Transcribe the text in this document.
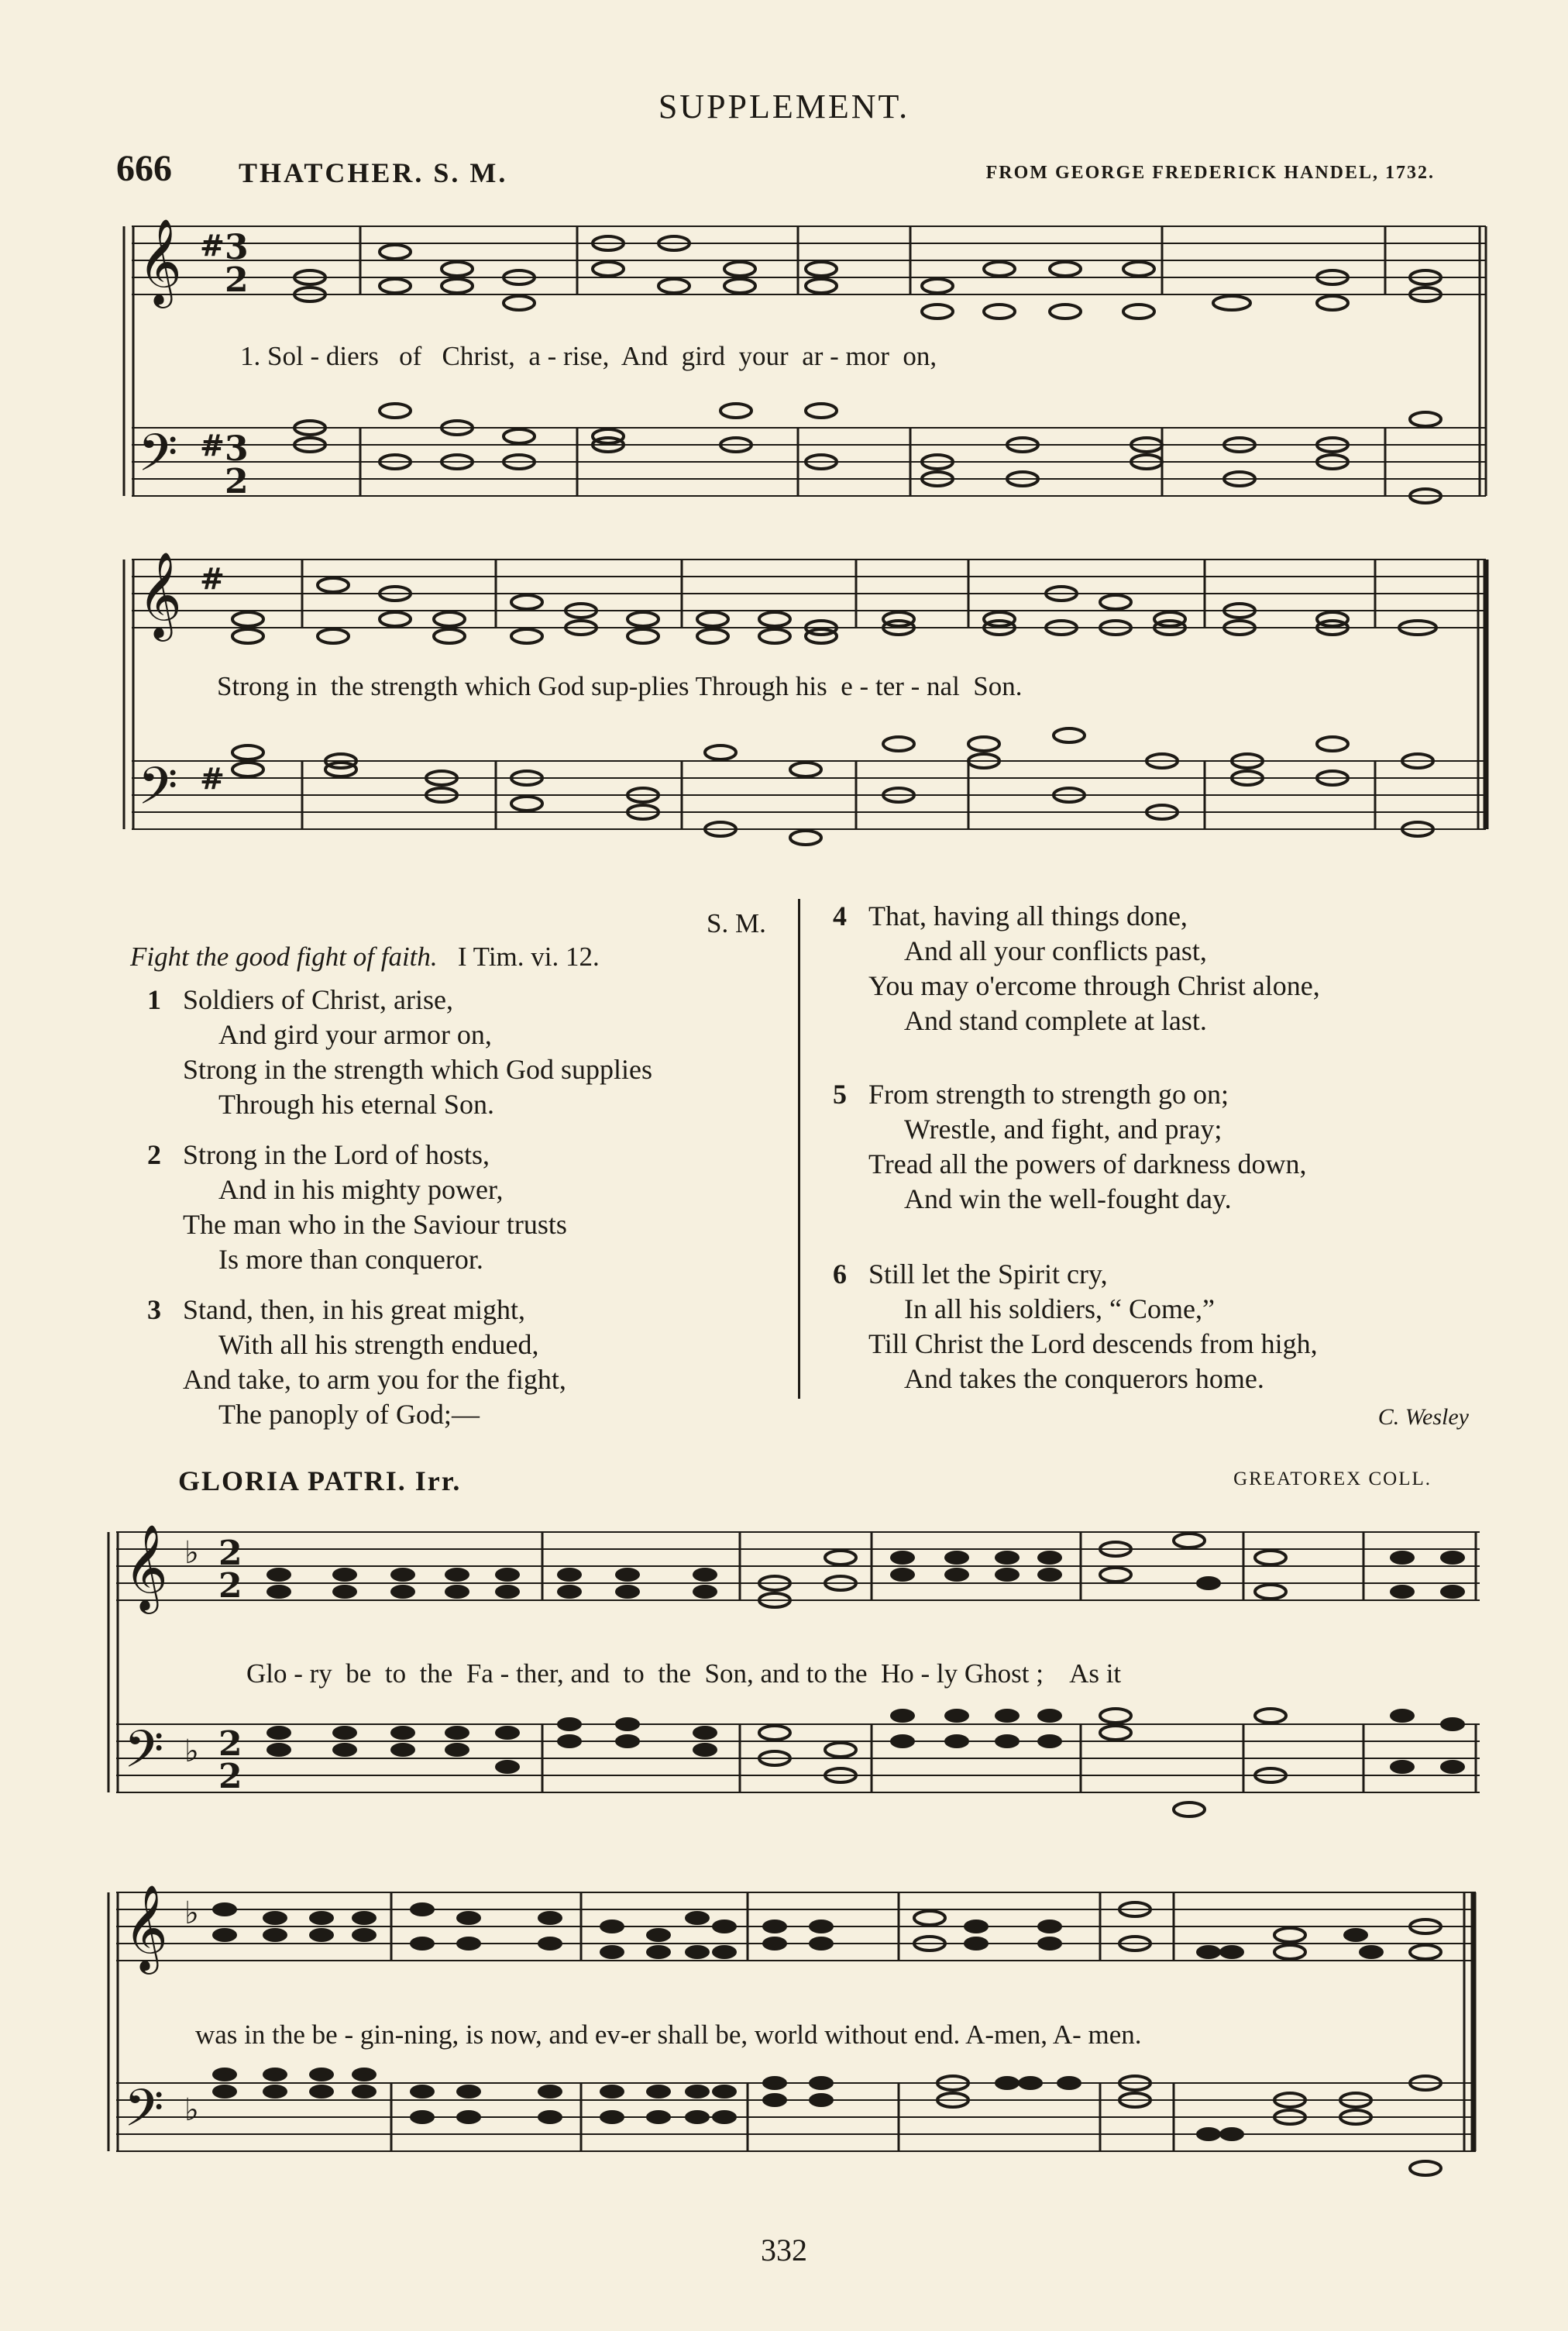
SUPPLEMENT.
666 THATCHER. S. M.	FROM GEORGE FREDERICK HANDEL, 1732.
𝄞
𝄢
#
#
3
2
3
2
1. Sol - diers   of   Christ,  a - rise,  And  gird  your  ar - mor  on,
𝄞
𝄢
#
#
Strong in  the strength which God sup-plies Through his  e - ter - nal  Son.
S. M.
Fight the good fight of faith. I Tim. vi. 12.
1 Soldiers of Christ, arise,
And gird your armor on,
Strong in the strength which God supplies
Through his eternal Son.
2 Strong in the Lord of hosts,
And in his mighty power,
The man who in the Saviour trusts
Is more than conqueror.
3 Stand, then, in his great might,
With all his strength endued,
And take, to arm you for the fight,
The panoply of God;—
4 That, having all things done,
And all your conflicts past,
You may o'ercome through Christ alone,
And stand complete at last.
5 From strength to strength go on;
Wrestle, and fight, and pray;
Tread all the powers of darkness down,
And win the well-fought day.
6 Still let the Spirit cry,
In all his soldiers, “ Come,”
Till Christ the Lord descends from high,
And takes the conquerors home.
C. Wesley
GLORIA PATRI. Irr.	GREATOREX COLL.
𝄞
𝄢
♭
♭
2
2
2
2
Glo - ry  be  to  the  Fa - ther, and  to  the  Son, and to the  Ho - ly Ghost ;    As it
𝄞
𝄢
♭
♭
was in the be - gin-ning, is now, and ev-er shall be, world without end. A-men, A- men.
332
